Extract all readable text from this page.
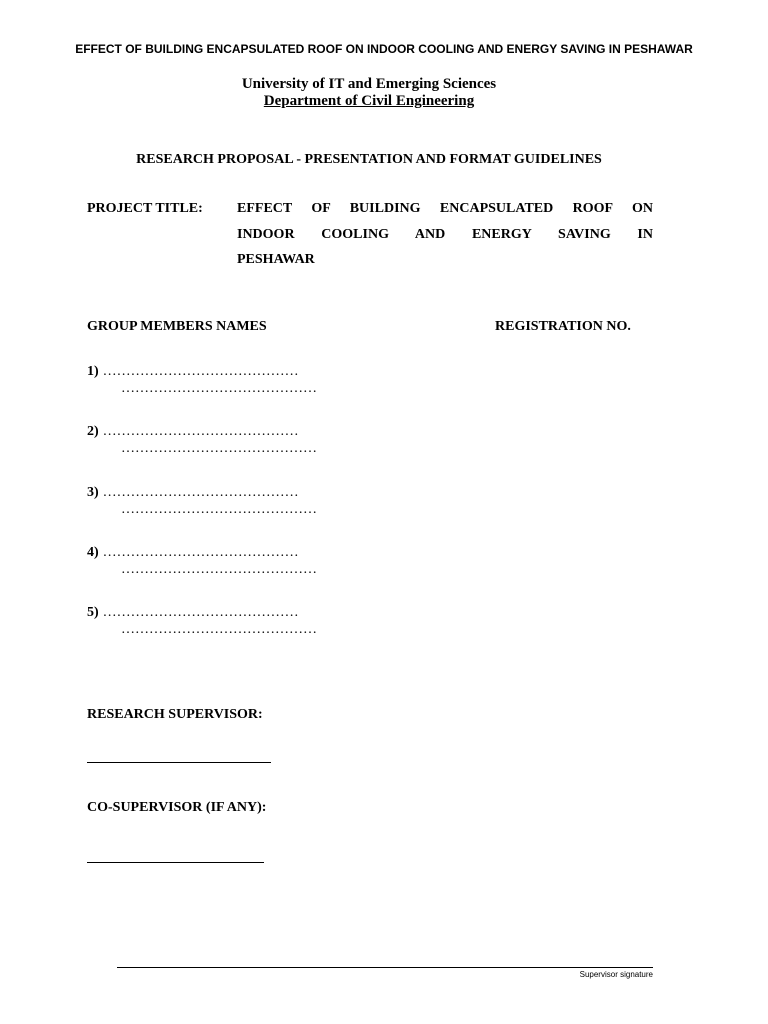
EFFECT OF BUILDING ENCAPSULATED ROOF ON INDOOR COOLING AND ENERGY SAVING IN PESHAWAR
University of IT and Emerging Sciences
Department of Civil Engineering
RESEARCH PROPOSAL - PRESENTATION AND FORMAT GUIDELINES
PROJECT TITLE: EFFECT OF BUILDING ENCAPSULATED ROOF ON
INDOOR COOLING AND ENERGY SAVING IN
PESHAWAR
GROUP MEMBERS NAMES	REGISTRATION NO.
1) ……………………………………
……………………………………
2) ……………………………………
……………………………………
3) ……………………………………
……………………………………
4) ……………………………………
……………………………………
5) ……………………………………
……………………………………
RESEARCH SUPERVISOR:
CO-SUPERVISOR (IF ANY):
Supervisor signature
